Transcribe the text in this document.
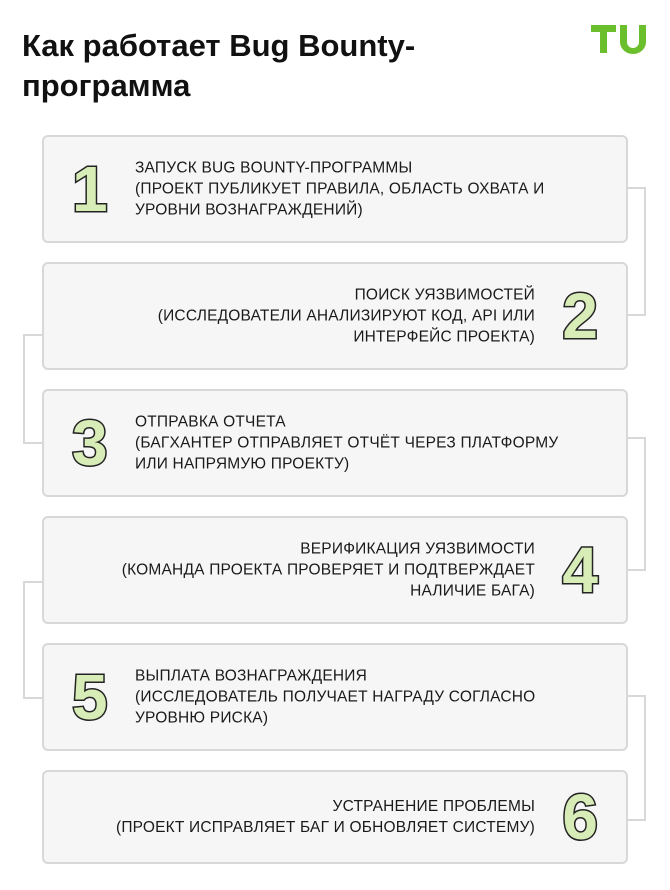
Как работает Bug Bounty-программа
1 ЗАПУСК BUG BOUNTY-ПРОГРАММЫ
(ПРОЕКТ ПУБЛИКУЕТ ПРАВИЛА, ОБЛАСТЬ ОХВАТА И УРОВНИ ВОЗНАГРАЖДЕНИЙ)
2
ПОИСК УЯЗВИМОСТЕЙ
(ИССЛЕДОВАТЕЛИ АНАЛИЗИРУЮТ КОД, API ИЛИ ИНТЕРФЕЙС ПРОЕКТА)
3 ОТПРАВКА ОТЧЕТА
(БАГХАНТЕР ОТПРАВЛЯЕТ ОТЧЁТ ЧЕРЕЗ ПЛАТФОРМУ ИЛИ НАПРЯМУЮ ПРОЕКТУ)
4
ВЕРИФИКАЦИЯ УЯЗВИМОСТИ
(КОМАНДА ПРОЕКТА ПРОВЕРЯЕТ И ПОДТВЕРЖДАЕТ НАЛИЧИЕ БАГА)
5 ВЫПЛАТА ВОЗНАГРАЖДЕНИЯ
(ИССЛЕДОВАТЕЛЬ ПОЛУЧАЕТ НАГРАДУ СОГЛАСНО УРОВНЮ РИСКА)
6
УСТРАНЕНИЕ ПРОБЛЕМЫ
(ПРОЕКТ ИСПРАВЛЯЕТ БАГ И ОБНОВЛЯЕТ СИСТЕМУ)
